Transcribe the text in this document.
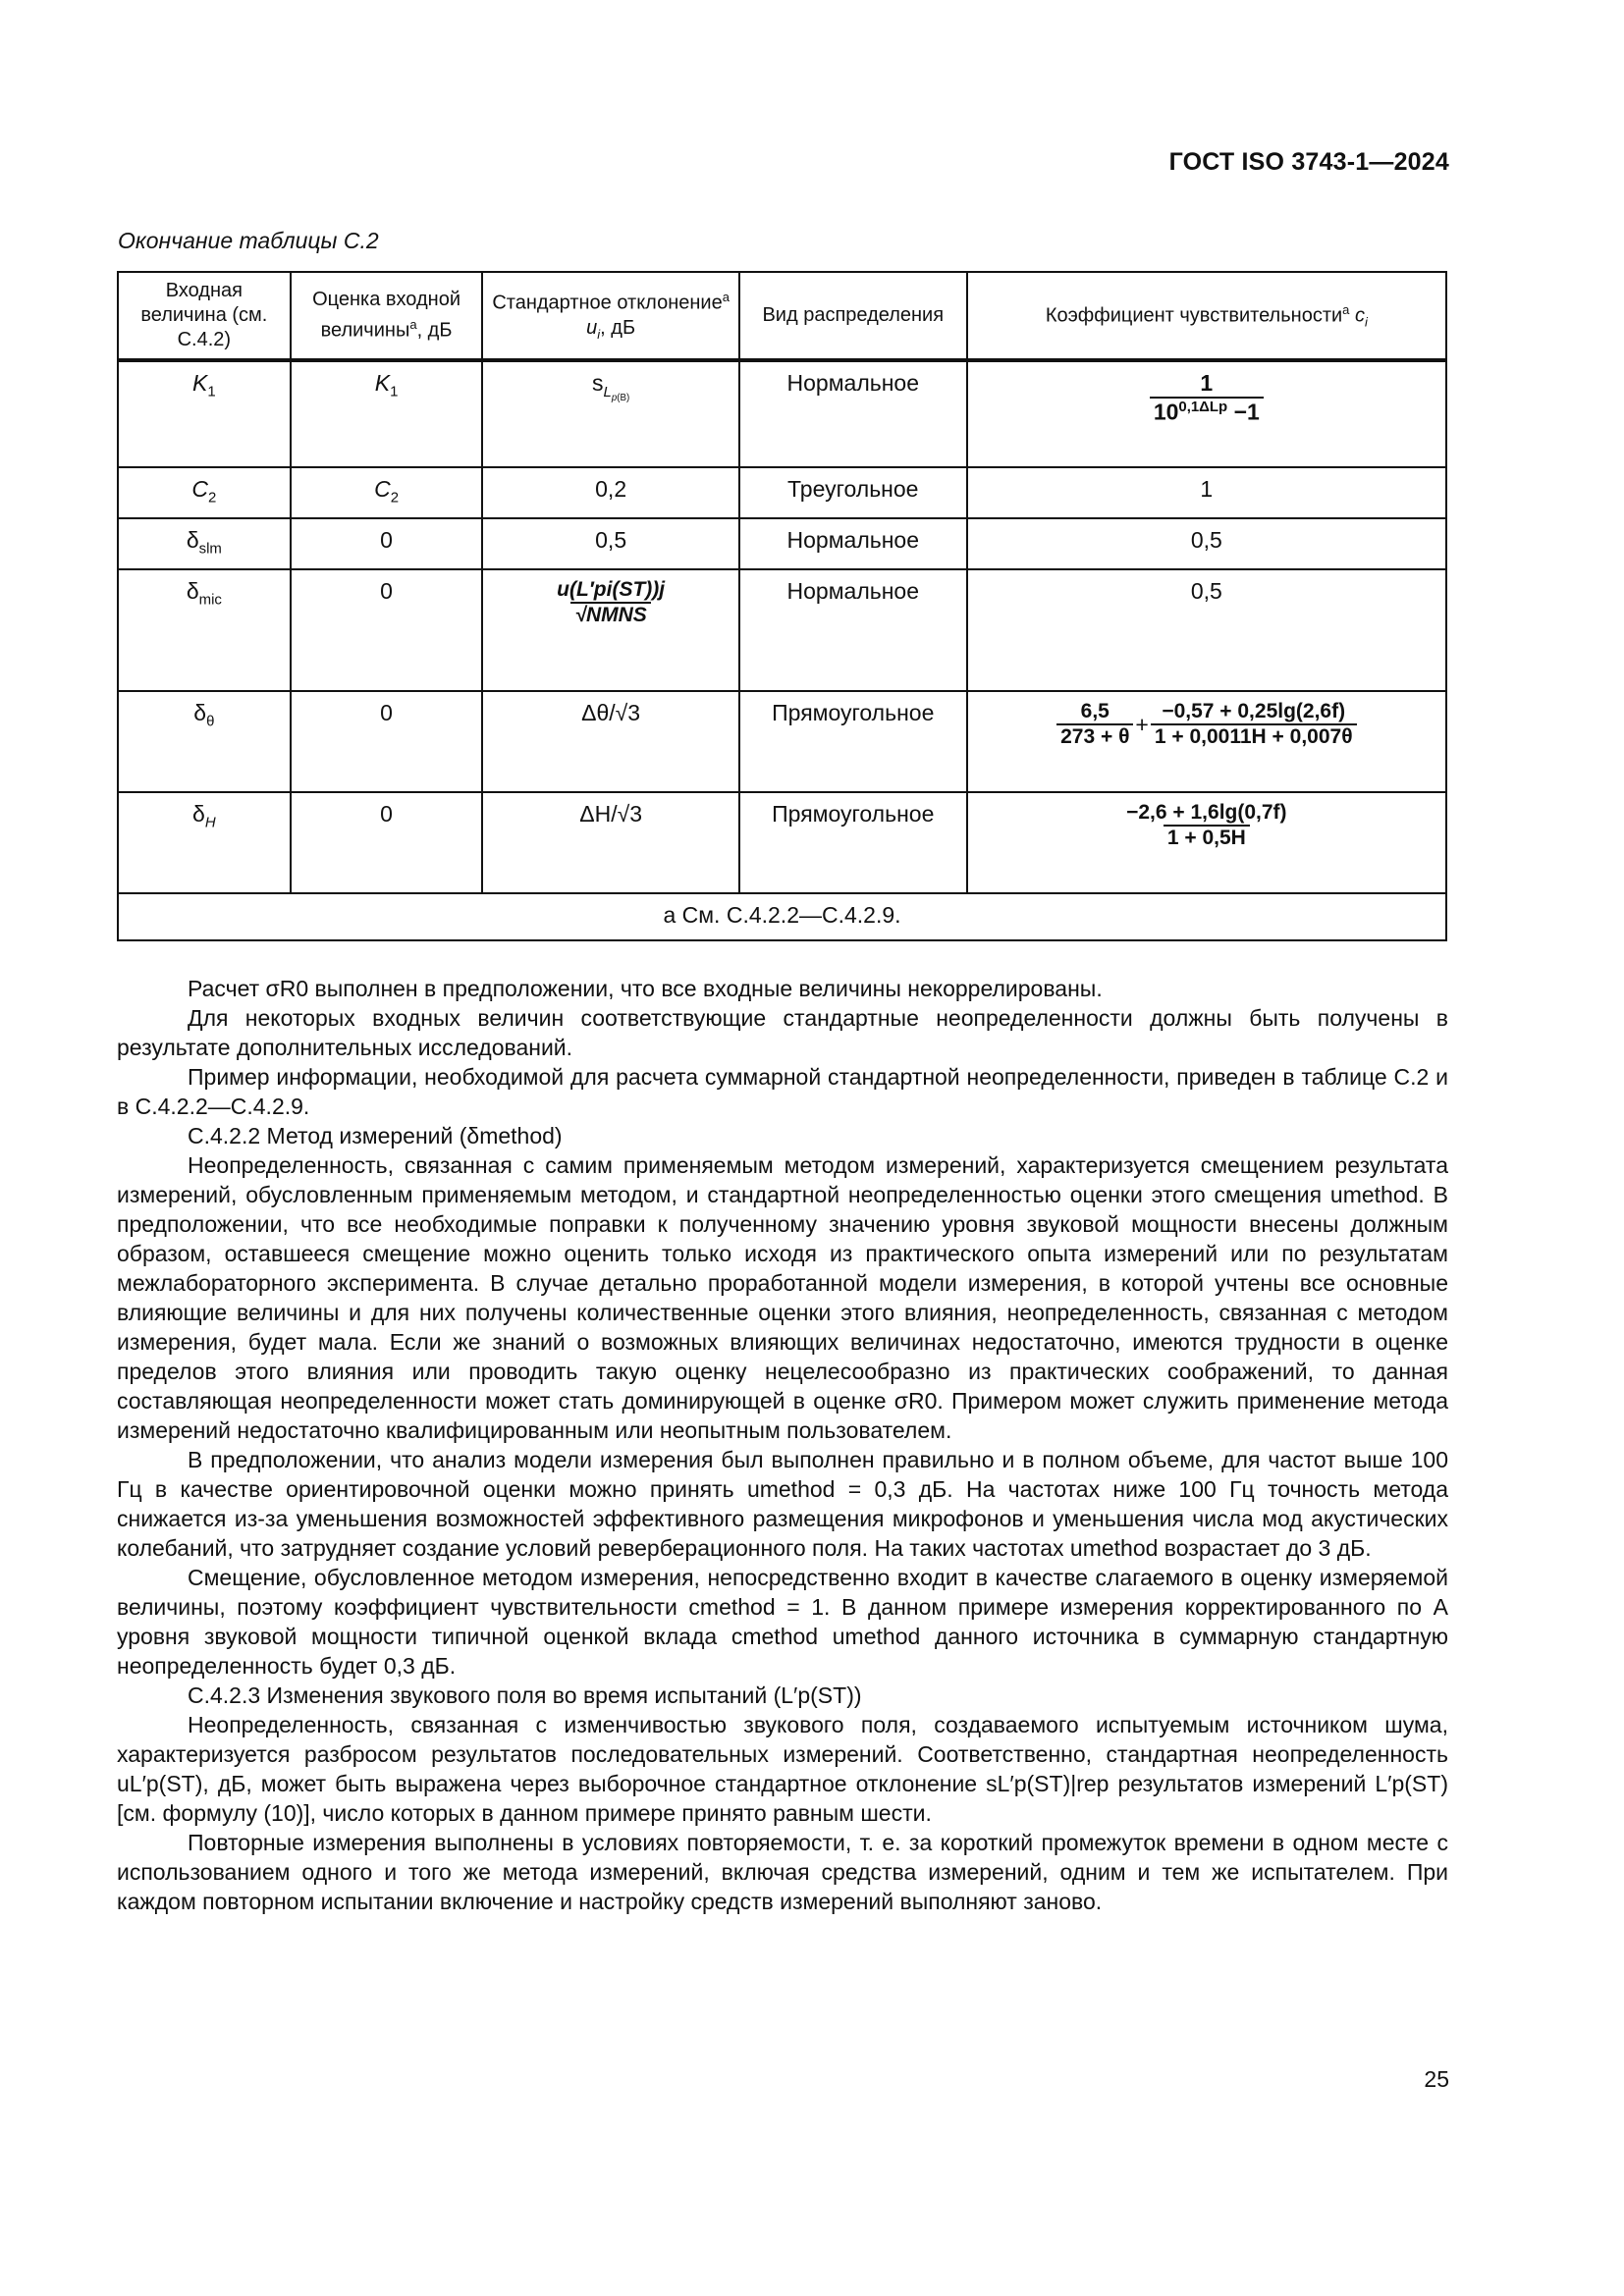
ГОСТ ISO 3743-1—2024
Окончание таблицы С.2
Входная величина (см. С.4.2)	Оценка входной величины$^a$, дБ	Стандартное отклонение$^a$ $u_i$, дБ	Вид распределения	Коэффициент чувствительности$^a$ $c_i$
$K_1$	$K_1$	$s_{L_{p(B)}}$	Нормальное	$\frac{1}{10^{0,1\Delta Lp} -1}$

$C_2$	$C_2$	0,2	Треугольное	1
$\delta_{slm}$	0	0,5	Нормальное	0,5
$\delta_{mic}$	0	$\frac{u(L'pi(ST))j}{\text{√NMNS}}$	Нормальное	0,5
$\delta_\theta$	0	Δθ/√3	Прямоугольное	$\frac{6,5}{273 + \theta} + \frac{-0,57 + 0,25\lg(2,6f)}{1 + 0,0011H + 0,007\theta}$

$\delta_H$	0	ΔH/√3	Прямоугольное	$\frac{-2,6 + 1,6\lg(0,7f)}{1 + 0,5H}$

a См. С.4.2.2—С.4.2.9.				

Расчет σR0 выполнен в предположении, что все входные величины некоррелированы.

Для некоторых входных величин соответствующие стандартные неопределенности должны быть получены в результате дополнительных исследований.

Пример информации, необходимой для расчета суммарной стандартной неопределенности, приведен в таблице С.2 и в С.4.2.2—С.4.2.9.

С.4.2.2 Метод измерений (δmethod)

Неопределенность, связанная с самим применяемым методом измерений, характеризуется смещением результата измерений, обусловленным применяемым методом, и стандартной неопределенностью оценки этого смещения umethod. В предположении, что все необходимые поправки к полученному значению уровня звуковой мощности внесены должным образом, оставшееся смещение можно оценить только исходя из практического опыта измерений или по результатам межлабораторного эксперимента. В случае детально проработанной модели измерения, в которой учтены все основные влияющие величины и для них получены количественные оценки этого влияния, неопределенность, связанная с методом измерения, будет мала. Если же знаний о возможных влияющих величинах недостаточно, имеются трудности в оценке пределов этого влияния или проводить такую оценку нецелесообразно из практических соображений, то данная составляющая неопределенности может стать доминирующей в оценке σR0. Примером может служить применение метода измерений недостаточно квалифицированным или неопытным пользователем.

В предположении, что анализ модели измерения был выполнен правильно и в полном объеме, для частот выше 100 Гц в качестве ориентировочной оценки можно принять umethod = 0,3 дБ. На частотах ниже 100 Гц точность метода снижается из-за уменьшения возможностей эффективного размещения микрофонов и уменьшения числа мод акустических колебаний, что затрудняет создание условий реверберационного поля. На таких частотах umethod возрастает до 3 дБ.

Смещение, обусловленное методом измерения, непосредственно входит в качестве слагаемого в оценку измеряемой величины, поэтому коэффициент чувствительности cmethod = 1. В данном примере измерения корректированного по А уровня звуковой мощности типичной оценкой вклада cmethod umethod данного источника в суммарную стандартную неопределенность будет 0,3 дБ.

С.4.2.3 Изменения звукового поля во время испытаний (L′p(ST))

Неопределенность, связанная с изменчивостью звукового поля, создаваемого испытуемым источником шума, характеризуется разбросом результатов последовательных измерений. Соответственно, стандартная неопределенность uL′p(ST), дБ, может быть выражена через выборочное стандартное отклонение sL′p(ST)|rep результатов измерений L′p(ST) [см. формулу (10)], число которых в данном примере принято равным шести.

Повторные измерения выполнены в условиях повторяемости, т. е. за короткий промежуток времени в одном месте с использованием одного и того же метода измерений, включая средства измерений, одним и тем же испытателем. При каждом повторном испытании включение и настройку средств измерений выполняют заново.

25
